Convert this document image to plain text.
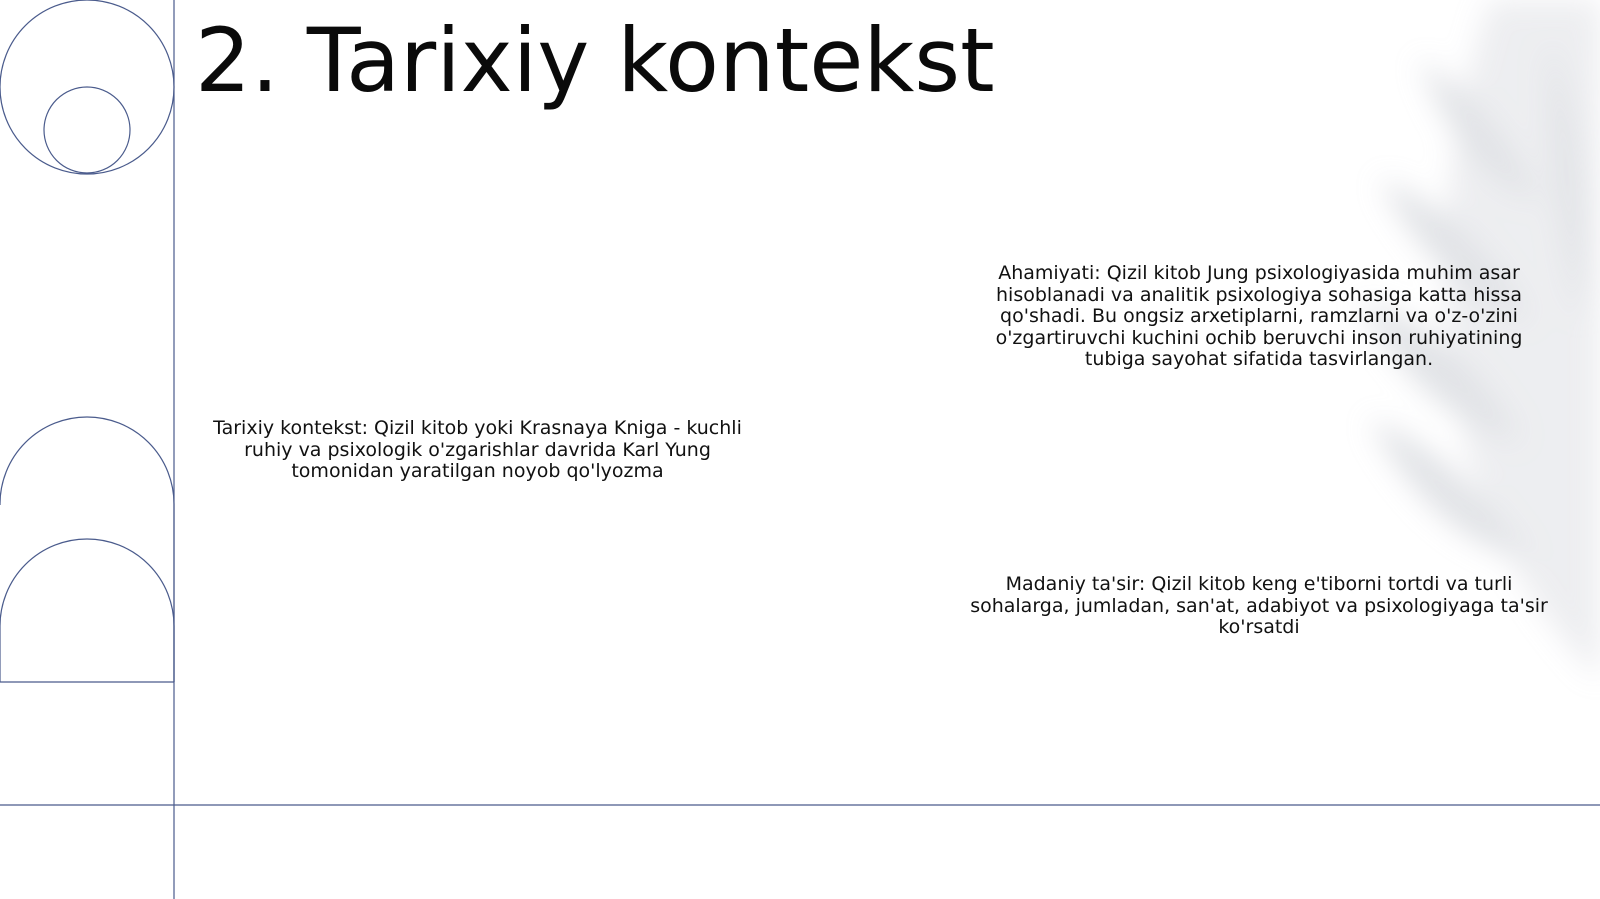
2. Tarixiy kontekst
Tarixiy kontekst: Qizil kitob yoki Krasnaya Kniga - kuchli ruhiy va psixologik o'zgarishlar davrida Karl Yung tomonidan yaratilgan noyob qo'lyozma
Ahamiyati: Qizil kitob Jung psixologiyasida muhim asar hisoblanadi va analitik psixologiya sohasiga katta hissa qo'shadi. Bu ongsiz arxetiplarni, ramzlarni va o'z-o'zini o'zgartiruvchi kuchini ochib beruvchi inson ruhiyatining tubiga sayohat sifatida tasvirlangan.
Madaniy ta'sir: Qizil kitob keng e'tiborni tortdi va turli sohalarga, jumladan, san'at, adabiyot va psixologiyaga ta'sir ko'rsatdi
